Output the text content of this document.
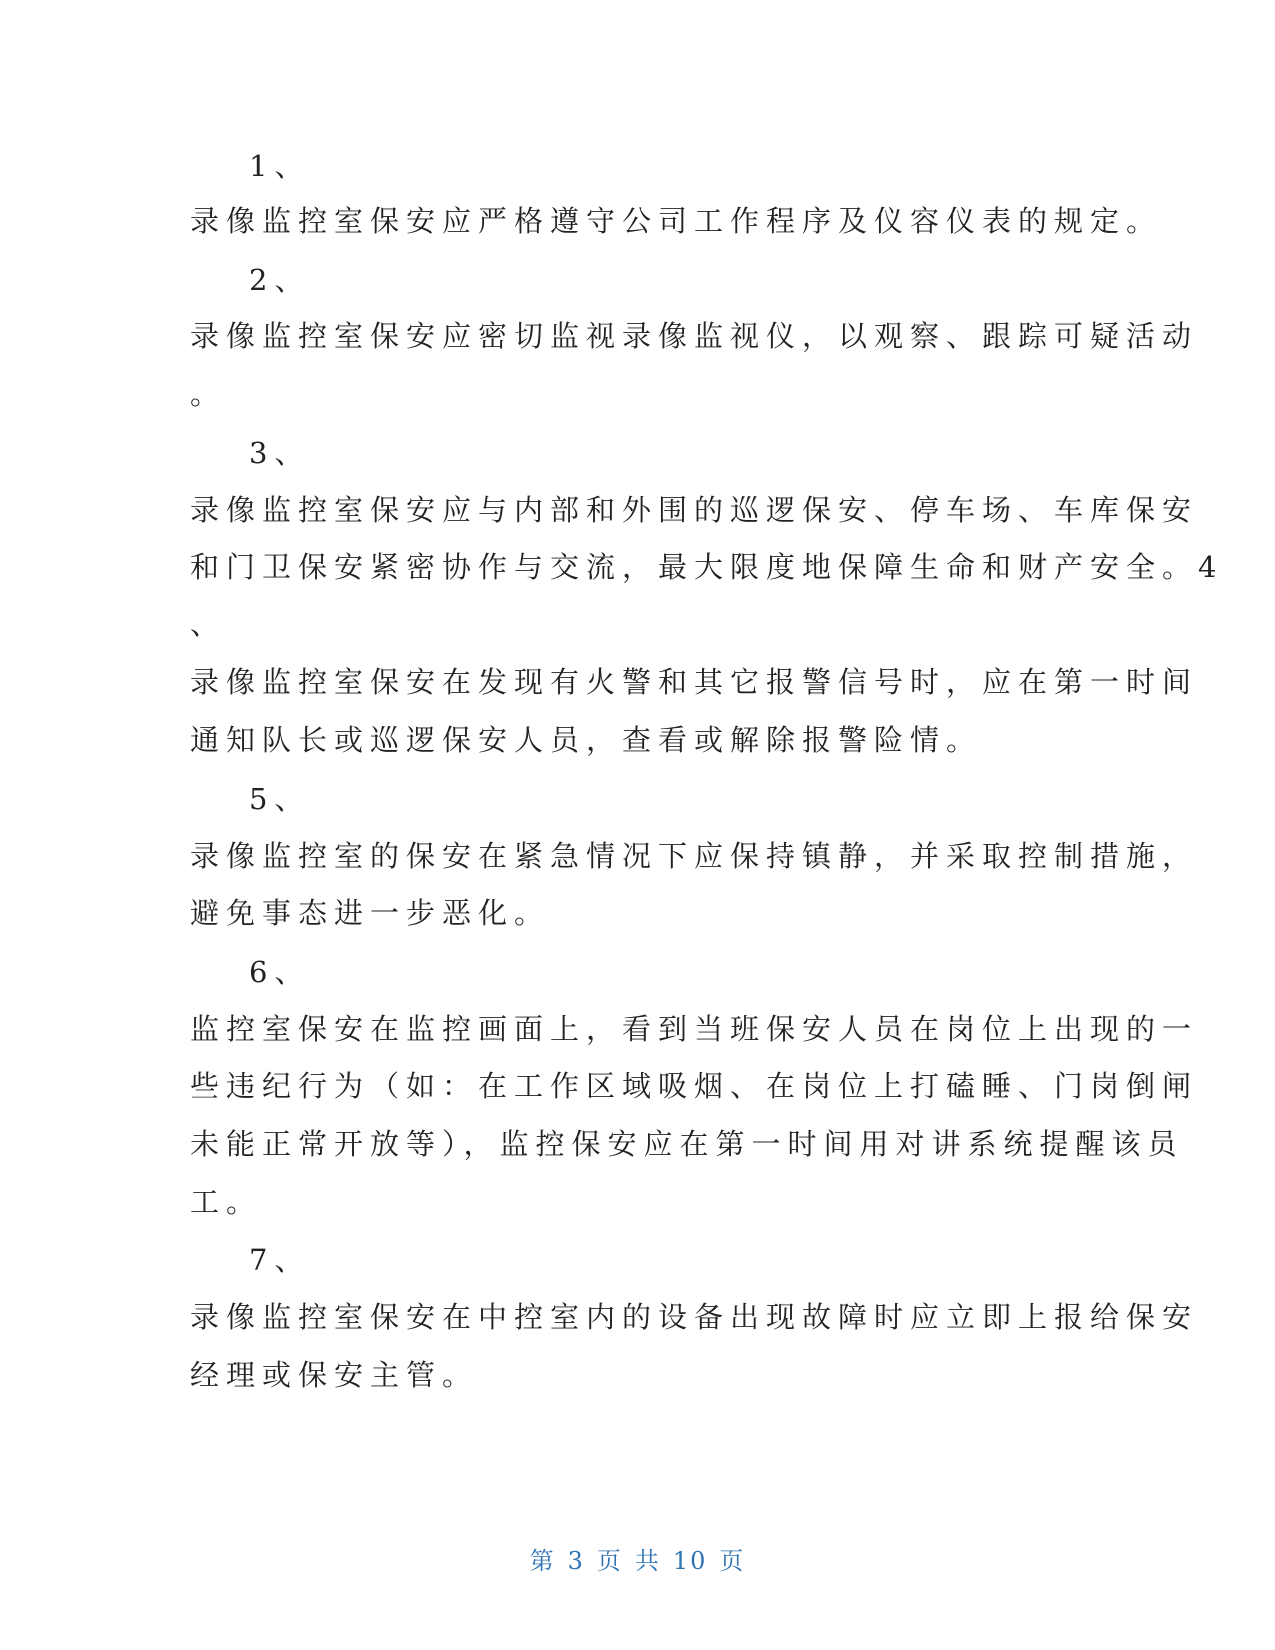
1、
录像监控室保安应严格遵守公司工作程序及仪容仪表的规定。
2、
录像监控室保安应密切监视录像监视仪，以观察、跟踪可疑活动
。
3、
录像监控室保安应与内部和外围的巡逻保安、停车场、车库保安
和门卫保安紧密协作与交流，最大限度地保障生命和财产安全。4
、
录像监控室保安在发现有火警和其它报警信号时，应在第一时间
通知队长或巡逻保安人员，查看或解除报警险情。
5、
录像监控室的保安在紧急情况下应保持镇静，并采取控制措施，
避免事态进一步恶化。
6、
监控室保安在监控画面上，看到当班保安人员在岗位上出现的一
些违纪行为（如：在工作区域吸烟、在岗位上打磕睡、门岗倒闸
未能正常开放等），监控保安应在第一时间用对讲系统提醒该员
工。
7、
录像监控室保安在中控室内的设备出现故障时应立即上报给保安
经理或保安主管。
第 3 页 共 10 页
